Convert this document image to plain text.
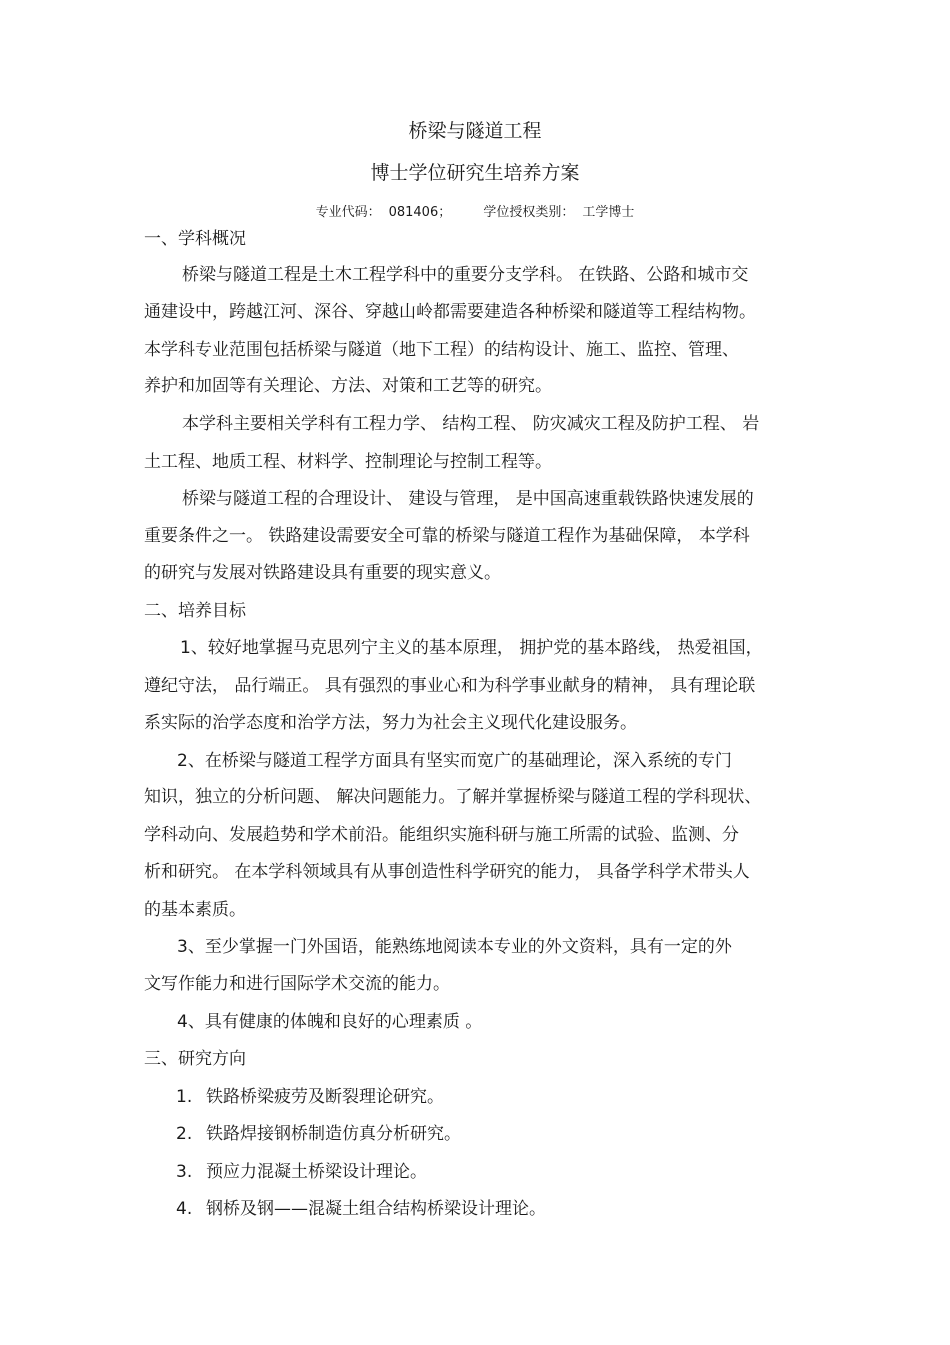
桥梁与隧道工程
博士学位研究生培养方案
专业代码： 081406； 学位授权类别： 工学博士
一、学科概况
桥梁与隧道工程是土木工程学科中的重要分支学科。 在铁路、公路和城市交
通建设中，跨越江河、深谷、穿越山岭都需要建造各种桥梁和隧道等工程结构物。
本学科专业范围包括桥梁与隧道（地下工程）的结构设计、施工、监控、管理、
养护和加固等有关理论、方法、对策和工艺等的研究。
本学科主要相关学科有工程力学、 结构工程、 防灾减灾工程及防护工程、 岩
土工程、地质工程、材料学、控制理论与控制工程等。
桥梁与隧道工程的合理设计、 建设与管理， 是中国高速重载铁路快速发展的
重要条件之一。 铁路建设需要安全可靠的桥梁与隧道工程作为基础保障， 本学科
的研究与发展对铁路建设具有重要的现实意义。
二、培养目标
1、较好地掌握马克思列宁主义的基本原理， 拥护党的基本路线， 热爱祖国，
遵纪守法， 品行端正。 具有强烈的事业心和为科学事业献身的精神， 具有理论联
系实际的治学态度和治学方法，努力为社会主义现代化建设服务。
2、在桥梁与隧道工程学方面具有坚实而宽广的基础理论，深入系统的专门
知识，独立的分析问题、 解决问题能力。了解并掌握桥梁与隧道工程的学科现状、
学科动向、发展趋势和学术前沿。能组织实施科研与施工所需的试验、监测、分
析和研究。 在本学科领域具有从事创造性科学研究的能力， 具备学科学术带头人
的基本素质。
3、至少掌握一门外国语，能熟练地阅读本专业的外文资料，具有一定的外
文写作能力和进行国际学术交流的能力。
4、具有健康的体魄和良好的心理素质 。
三、研究方向
1. 铁路桥梁疲劳及断裂理论研究。
2. 铁路焊接钢桥制造仿真分析研究。
3. 预应力混凝土桥梁设计理论。
4. 钢桥及钢——混凝土组合结构桥梁设计理论。
